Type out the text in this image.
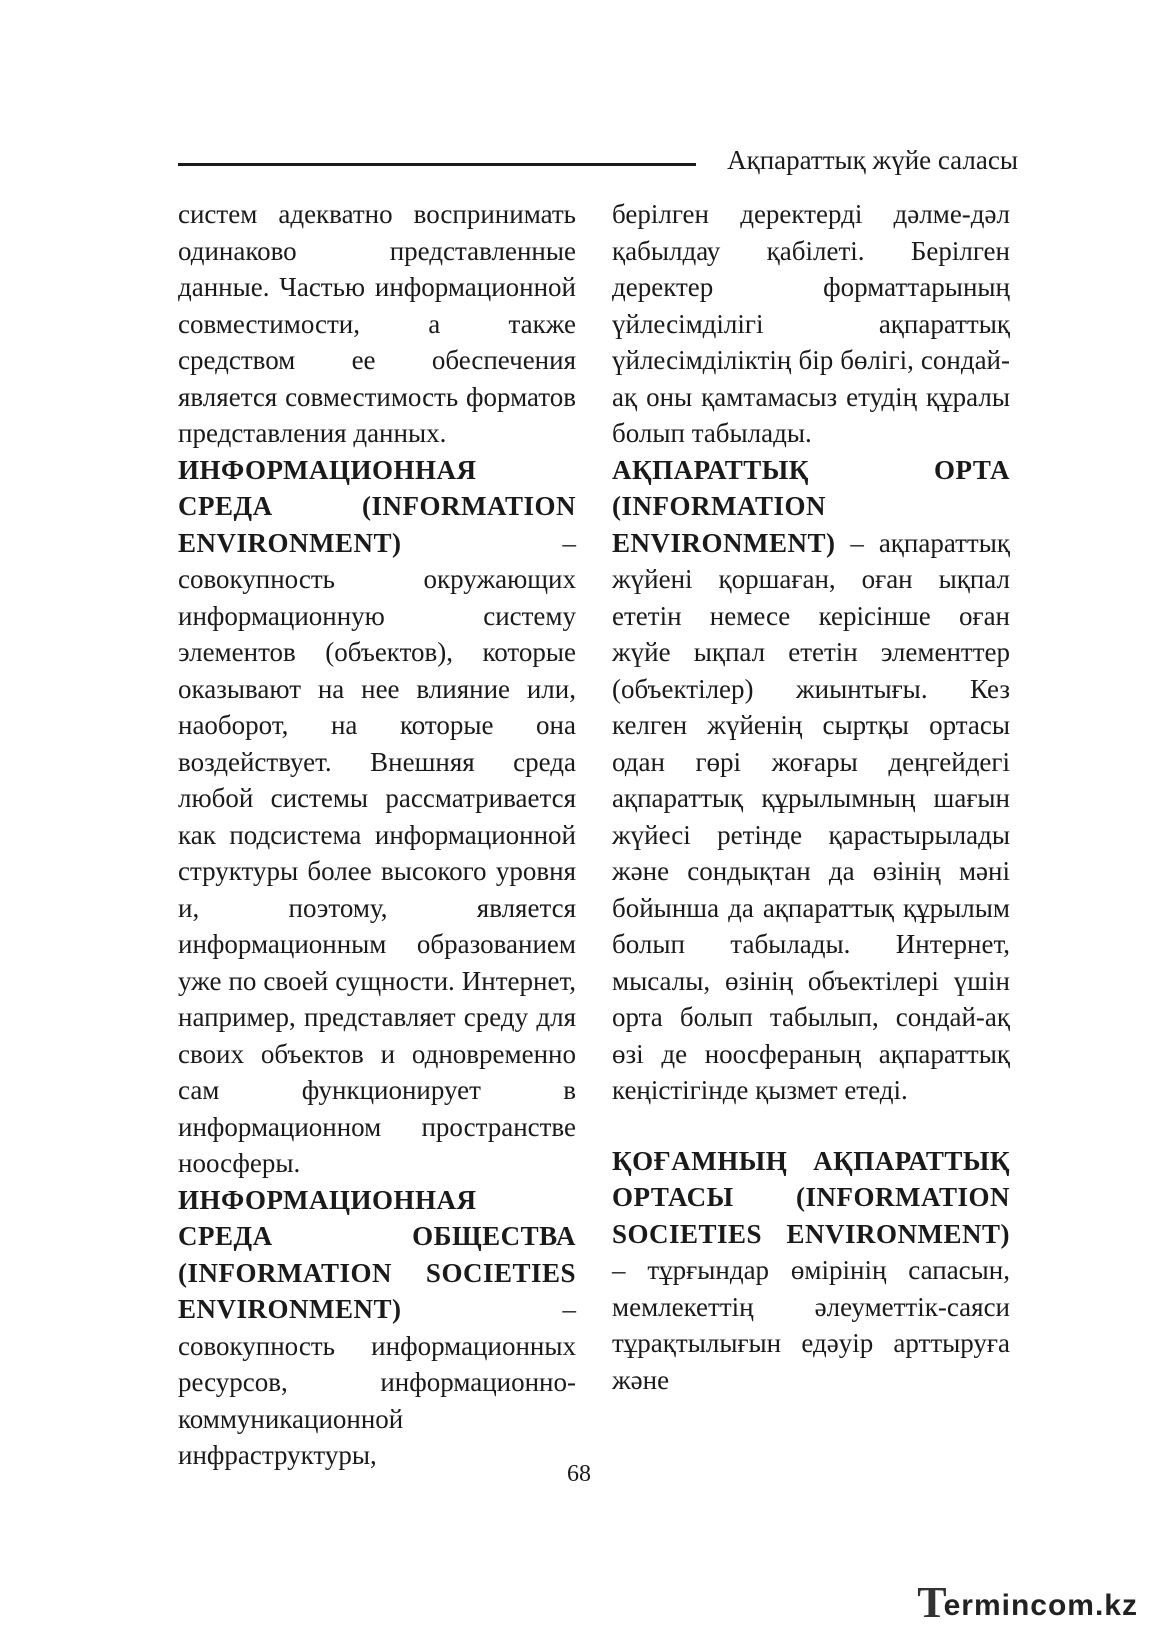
Ақпараттық жүйе саласы

систем адекватно воспринимать одинаково представленные данные. Частью информационной совместимости, а также средством ее обеспечения является совместимость форматов представления данных.

ИНФОРМАЦИОННАЯ СРЕДА (INFORMATION ENVIRONMENT) – совокупность окружающих информационную систему элементов (объектов), которые оказывают на нее влияние или, наоборот, на которые она воздействует. Внешняя среда любой системы рассматривается как подсистема информационной структуры более высокого уровня и, поэтому, является информационным образованием уже по своей сущности. Интернет, например, представляет среду для своих объектов и одновременно сам функционирует в информационном пространстве ноосферы.

ИНФОРМАЦИОННАЯ СРЕДА ОБЩЕСТВА (INFORMATION SOCIETIES ENVIRONMENT) – совокупность информационных ресурсов, информационно-коммуникационной инфраструктуры,

берілген деректерді дәлме-дәл қабылдау қабілеті. Берілген деректер форматтарының үйлесімділігі ақпараттық үйлесімділіктің бір бөлігі, сондай-ақ оны қамтамасыз етудің құралы болып табылады.

АҚПАРАТТЫҚ ОРТА (INFORMATION ENVIRONMENT) – ақпараттық жүйені қоршаған, оған ықпал ететін немесе керісінше оған жүйе ықпал ететін элементтер (объектілер) жиынтығы. Кез келген жүйенің сыртқы ортасы одан гөрі жоғары деңгейдегі ақпараттық құрылымның шағын жүйесі ретінде қарастырылады және сондықтан да өзінің мәні бойынша да ақпараттық құрылым болып табылады. Интернет, мысалы, өзінің объектілері үшін орта болып табылып, сондай-ақ өзі де ноосфераның ақпараттық кеңістігінде қызмет етеді.

ҚОҒАМНЫҢ АҚПАРАТТЫҚ ОРТАСЫ (INFORMATION SOCIETIES ENVIRONMENT) – тұрғындар өмірінің сапасын, мемлекеттің әлеуметтік-саяси тұрақтылығын едәуір арттыруға және

68
T
ermincom.kz
